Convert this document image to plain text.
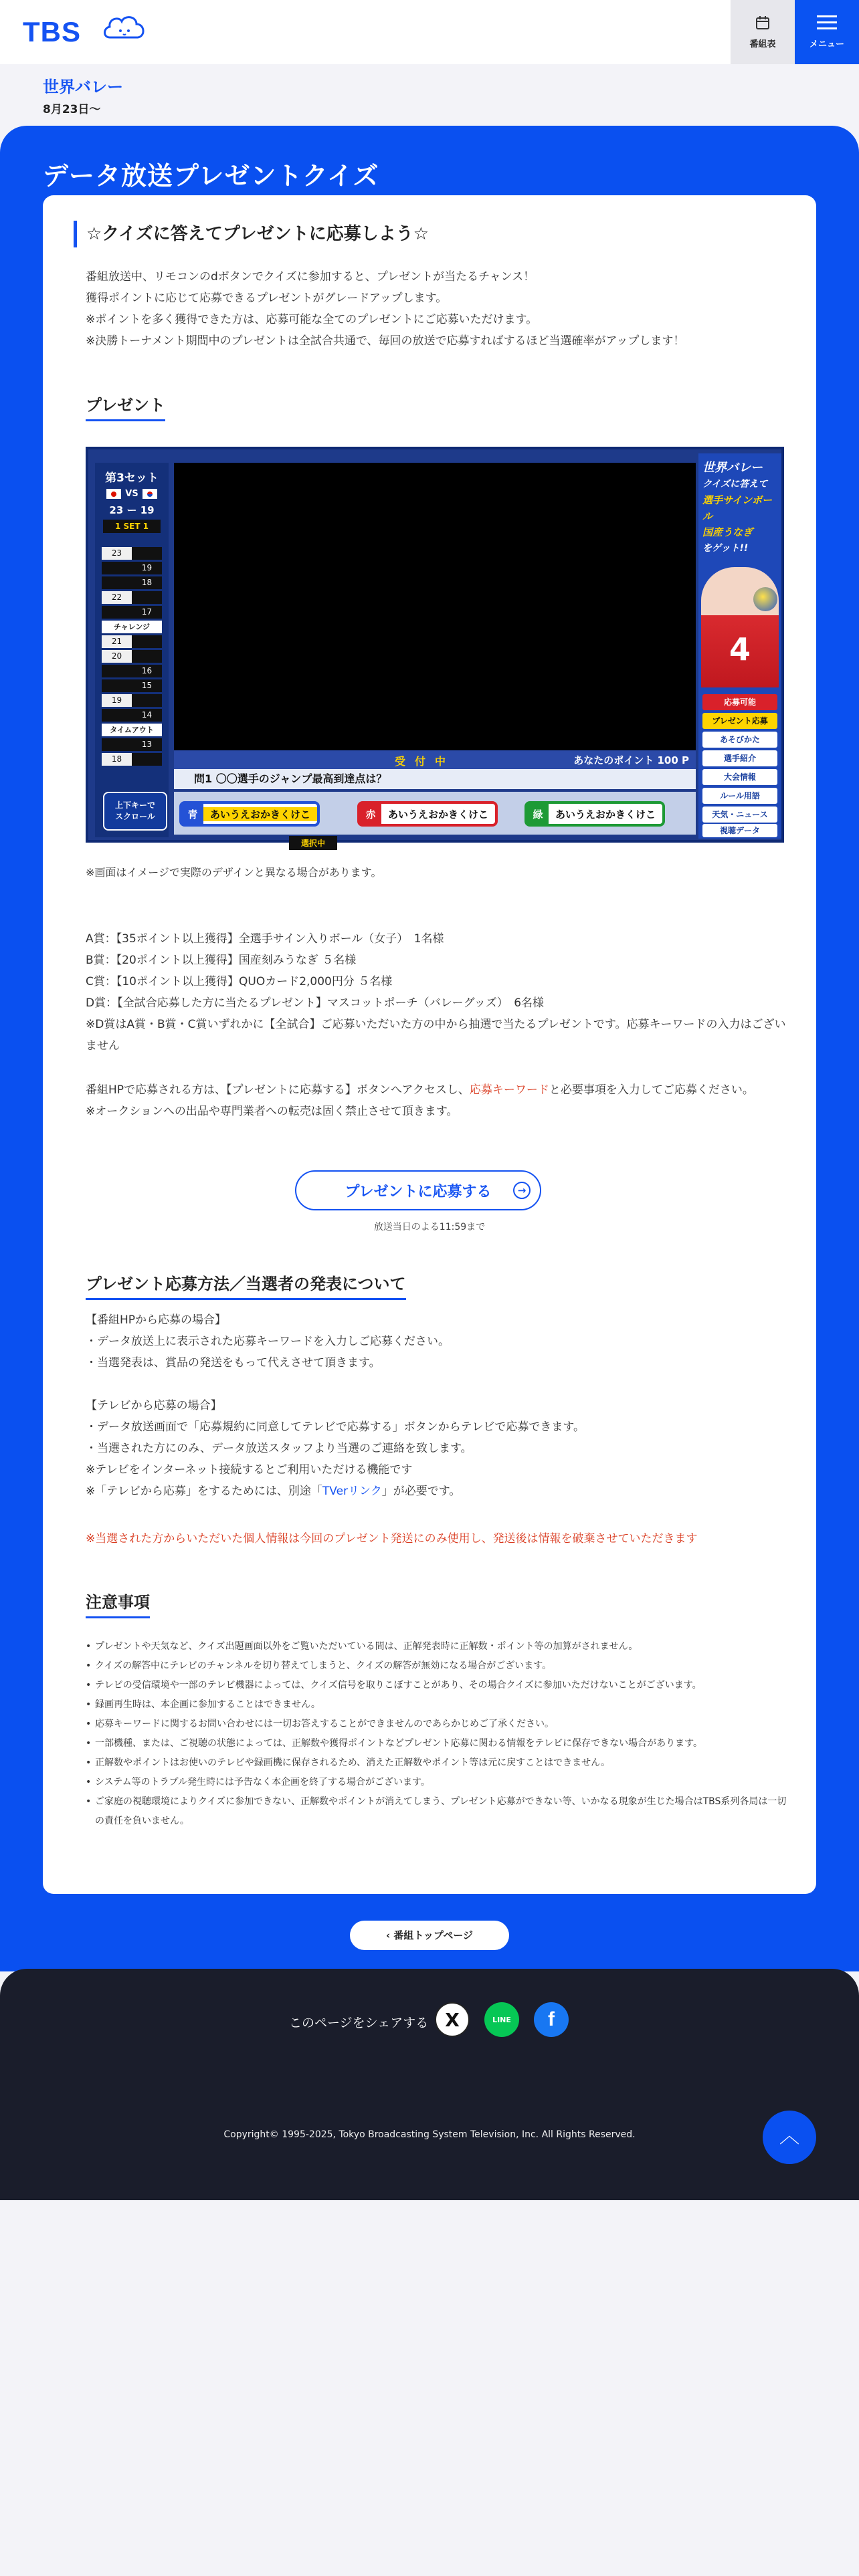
TBS	番組表	メニュー
世界バレー
8月23日〜
データ放送プレゼントクイズ
☆クイズに答えてプレゼントに応募しよう☆

番組放送中、リモコンのdボタンでクイズに参加すると、プレゼントが当たるチャンス！

獲得ポイントに応じて応募できるプレゼントがグレードアップします。

※ポイントを多く獲得できた方は、応募可能な全てのプレゼントにご応募いただけます。

※決勝トーナメント期間中のプレゼントは全試合共通で、毎回の放送で応募すればするほど当選確率がアップします！

プレゼント
第3セット
VS
23 ー 19
1 SET 1
23
19
18
22
17
チャレンジ
21
20
16
15
19
14
タイムアウト
13
18
上下キーで
スクロール
受付中	あなたのポイント 100 P
問1 〇〇選手のジャンプ最高到達点は？
青	あいうえおかきくけこ	赤	あいうえおかきくけこ	緑	あいうえおかきくけこ
選択中
世界バレー
クイズに答えて
選手サインボール
国産うなぎ
をゲット!!
4
応募可能
プレゼント応募
あそびかた
選手紹介
大会情報
ルール用語
天気・ニュース
視聴データ

※画面はイメージで実際のデザインと異なる場合があります。

A賞：【35ポイント以上獲得】全選手サイン入りボール（女子）　1名様

B賞：【20ポイント以上獲得】国産刻みうなぎ ５名様

C賞：【10ポイント以上獲得】QUOカード2,000円分 ５名様

D賞：【全試合応募した方に当たるプレゼント】マスコットポーチ（バレーグッズ）　6名様

※D賞はA賞・B賞・C賞いずれかに【全試合】ご応募いただいた方の中から抽選で当たるプレゼントです。応募キーワードの入力はございません

番組HPで応募される方は、【プレゼントに応募する】ボタンへアクセスし、応募キーワードと必要事項を入力してご応募ください。

※オークションへの出品や専門業者への転売は固く禁止させて頂きます。

プレゼントに応募する	→

放送当日のよる11:59まで

プレゼント応募方法／当選者の発表について

【番組HPから応募の場合】

・データ放送上に表示された応募キーワードを入力しご応募ください。

・当選発表は、賞品の発送をもって代えさせて頂きます。

【テレビから応募の場合】

・データ放送画面で「応募規約に同意してテレビで応募する」ボタンからテレビで応募できます。

・当選された方にのみ、データ放送スタッフより当選のご連絡を致します。

※テレビをインターネット接続するとご利用いただける機能です

※「テレビから応募」をするためには、別途「TVerリンク」が必要です。

※当選された方からいただいた個人情報は今回のプレゼント発送にのみ使用し、発送後は情報を破棄させていただきます

注意事項
• プレゼントや天気など、クイズ出題画面以外をご覧いただいている間は、正解発表時に正解数・ポイント等の加算がされません。
• クイズの解答中にテレビのチャンネルを切り替えてしまうと、クイズの解答が無効になる場合がございます。
• テレビの受信環境や一部のテレビ機器によっては、クイズ信号を取りこぼすことがあり、その場合クイズに参加いただけないことがございます。
• 録画再生時は、本企画に参加することはできません。
• 応募キーワードに関するお問い合わせには一切お答えすることができませんのであらかじめご了承ください。
• 一部機種、または、ご視聴の状態によっては、正解数や獲得ポイントなどプレゼント応募に関わる情報をテレビに保存できない場合があります。
• 正解数やポイントはお使いのテレビや録画機に保存されるため、消えた正解数やポイント等は元に戻すことはできません。
• システム等のトラブル発生時には予告なく本企画を終了する場合がございます。
• ご家庭の視聴環境によりクイズに参加できない、正解数やポイントが消えてしまう、プレゼント応募ができない等、いかなる現象が生じた場合はTBS系列各局は一切の責任を負いません。
‹ 番組トップページ
このページをシェアする X	LINE	f

Copyright© 1995-2025, Tokyo Broadcasting System Television, Inc. All Rights Reserved.	︿
